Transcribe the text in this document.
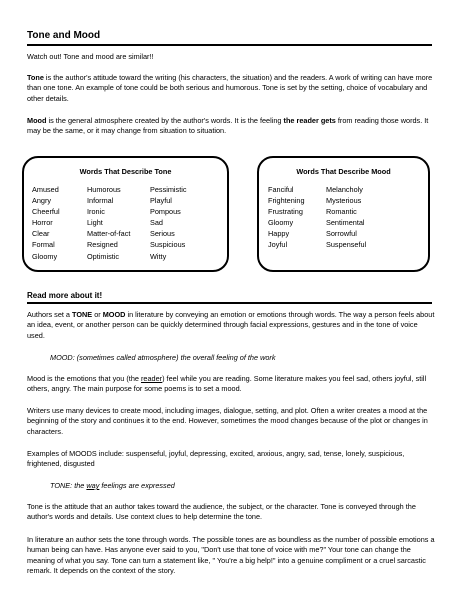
Tone and Mood
Watch out! Tone and mood are similar!!
Tone is the author's attitude toward the writing (his characters, the situation) and the readers. A work of writing can have more than one tone. An example of tone could be both serious and humorous. Tone is set by the setting, choice of vocabulary and other details.
Mood is the general atmosphere created by the author's words. It is the feeling the reader gets from reading those words. It may be the same, or it may change from situation to situation.
Words That Describe Tone
Amused
Angry
Cheerful
Horror
Clear
Formal
Gloomy
Humorous
Informal
Ironic
Light
Matter-of-fact
Resigned
Optimistic
Pessimistic
Playful
Pompous
Sad
Serious
Suspicious
Witty
Words That Describe Mood
Fanciful
Frightening
Frustrating
Gloomy
Happy
Joyful
Melancholy
Mysterious
Romantic
Sentimental
Sorrowful
Suspenseful
Read more about it!
Authors set a TONE or MOOD in literature by conveying an emotion or emotions through words. The way a person feels about an idea, event, or another person can be quickly determined through facial expressions, gestures and in the tone of voice used.
MOOD: (sometimes called atmosphere) the overall feeling of the work
Mood is the emotions that you (the reader) feel while you are reading. Some literature makes you feel sad, others joyful, still others, angry. The main purpose for some poems is to set a mood.
Writers use many devices to create mood, including images, dialogue, setting, and plot. Often a writer creates a mood at the beginning of the story and continues it to the end. However, sometimes the mood changes because of the plot or changes in characters.
Examples of MOODS include: suspenseful, joyful, depressing, excited, anxious, angry, sad, tense, lonely, suspicious, frightened, disgusted
TONE: the way feelings are expressed
Tone is the attitude that an author takes toward the audience, the subject, or the character. Tone is conveyed through the author's words and details. Use context clues to help determine the tone.
In literature an author sets the tone through words. The possible tones are as boundless as the number of possible emotions a human being can have. Has anyone ever said to you, "Don't use that tone of voice with me?" Your tone can change the meaning of what you say. Tone can turn a statement like, " You're a big help!" into a genuine compliment or a cruel sarcastic remark. It depends on the context of the story.
